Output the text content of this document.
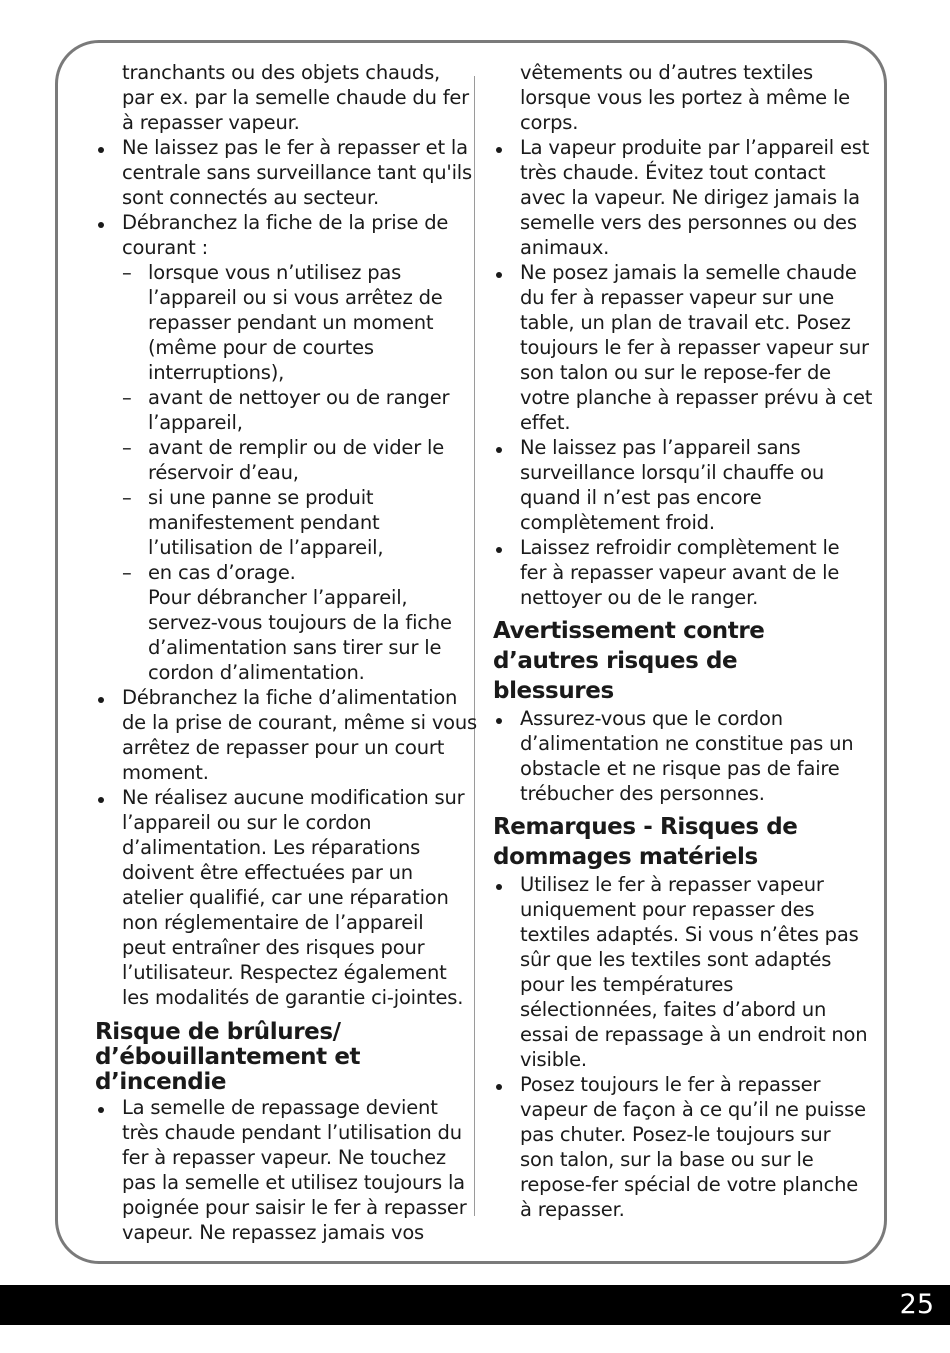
tranchants ou des objets chauds,
par ex. par la semelle chaude du fer
à repasser vapeur.
Ne laissez pas le fer à repasser et la
centrale sans surveillance tant qu'ils
sont connectés au secteur.
Débranchez la fiche de la prise de
courant :
– lorsque vous n’utilisez pas
l’appareil ou si vous arrêtez de
repasser pendant un moment
(même pour de courtes
interruptions),
– avant de nettoyer ou de ranger
l’appareil,
– avant de remplir ou de vider le
réservoir d’eau,
– si une panne se produit
manifestement pendant
l’utilisation de l’appareil,
– en cas d’orage.
Pour débrancher l’appareil,
servez-vous toujours de la fiche
d’alimentation sans tirer sur le
cordon d’alimentation.
Débranchez la fiche d’alimentation
de la prise de courant, même si vous
arrêtez de repasser pour un court
moment.
Ne réalisez aucune modification sur
l’appareil ou sur le cordon
d’alimentation. Les réparations
doivent être effectuées par un
atelier qualifié, car une réparation
non réglementaire de l’appareil
peut entraîner des risques pour
l’utilisateur. Respectez également
les modalités de garantie ci-jointes.
Risque de brûlures/
d’ébouillantement et
d’incendie
La semelle de repassage devient
très chaude pendant l’utilisation du
fer à repasser vapeur. Ne touchez
pas la semelle et utilisez toujours la
poignée pour saisir le fer à repasser
vapeur. Ne repassez jamais vos
vêtements ou d’autres textiles
lorsque vous les portez à même le
corps.
La vapeur produite par l’appareil est
très chaude. Évitez tout contact
avec la vapeur. Ne dirigez jamais la
semelle vers des personnes ou des
animaux.
Ne posez jamais la semelle chaude
du fer à repasser vapeur sur une
table, un plan de travail etc. Posez
toujours le fer à repasser vapeur sur
son talon ou sur le repose-fer de
votre planche à repasser prévu à cet
effet.
Ne laissez pas l’appareil sans
surveillance lorsqu’il chauffe ou
quand il n’est pas encore
complètement froid.
Laissez refroidir complètement le
fer à repasser vapeur avant de le
nettoyer ou de le ranger.
Avertissement contre
d’autres risques de
blessures
Assurez-vous que le cordon
d’alimentation ne constitue pas un
obstacle et ne risque pas de faire
trébucher des personnes.
Remarques - Risques de
dommages matériels
Utilisez le fer à repasser vapeur
uniquement pour repasser des
textiles adaptés. Si vous n’êtes pas
sûr que les textiles sont adaptés
pour les températures
sélectionnées, faites d’abord un
essai de repassage à un endroit non
visible.
Posez toujours le fer à repasser
vapeur de façon à ce qu’il ne puisse
pas chuter. Posez-le toujours sur
son talon, sur la base ou sur le
repose-fer spécial de votre planche
à repasser.
25
